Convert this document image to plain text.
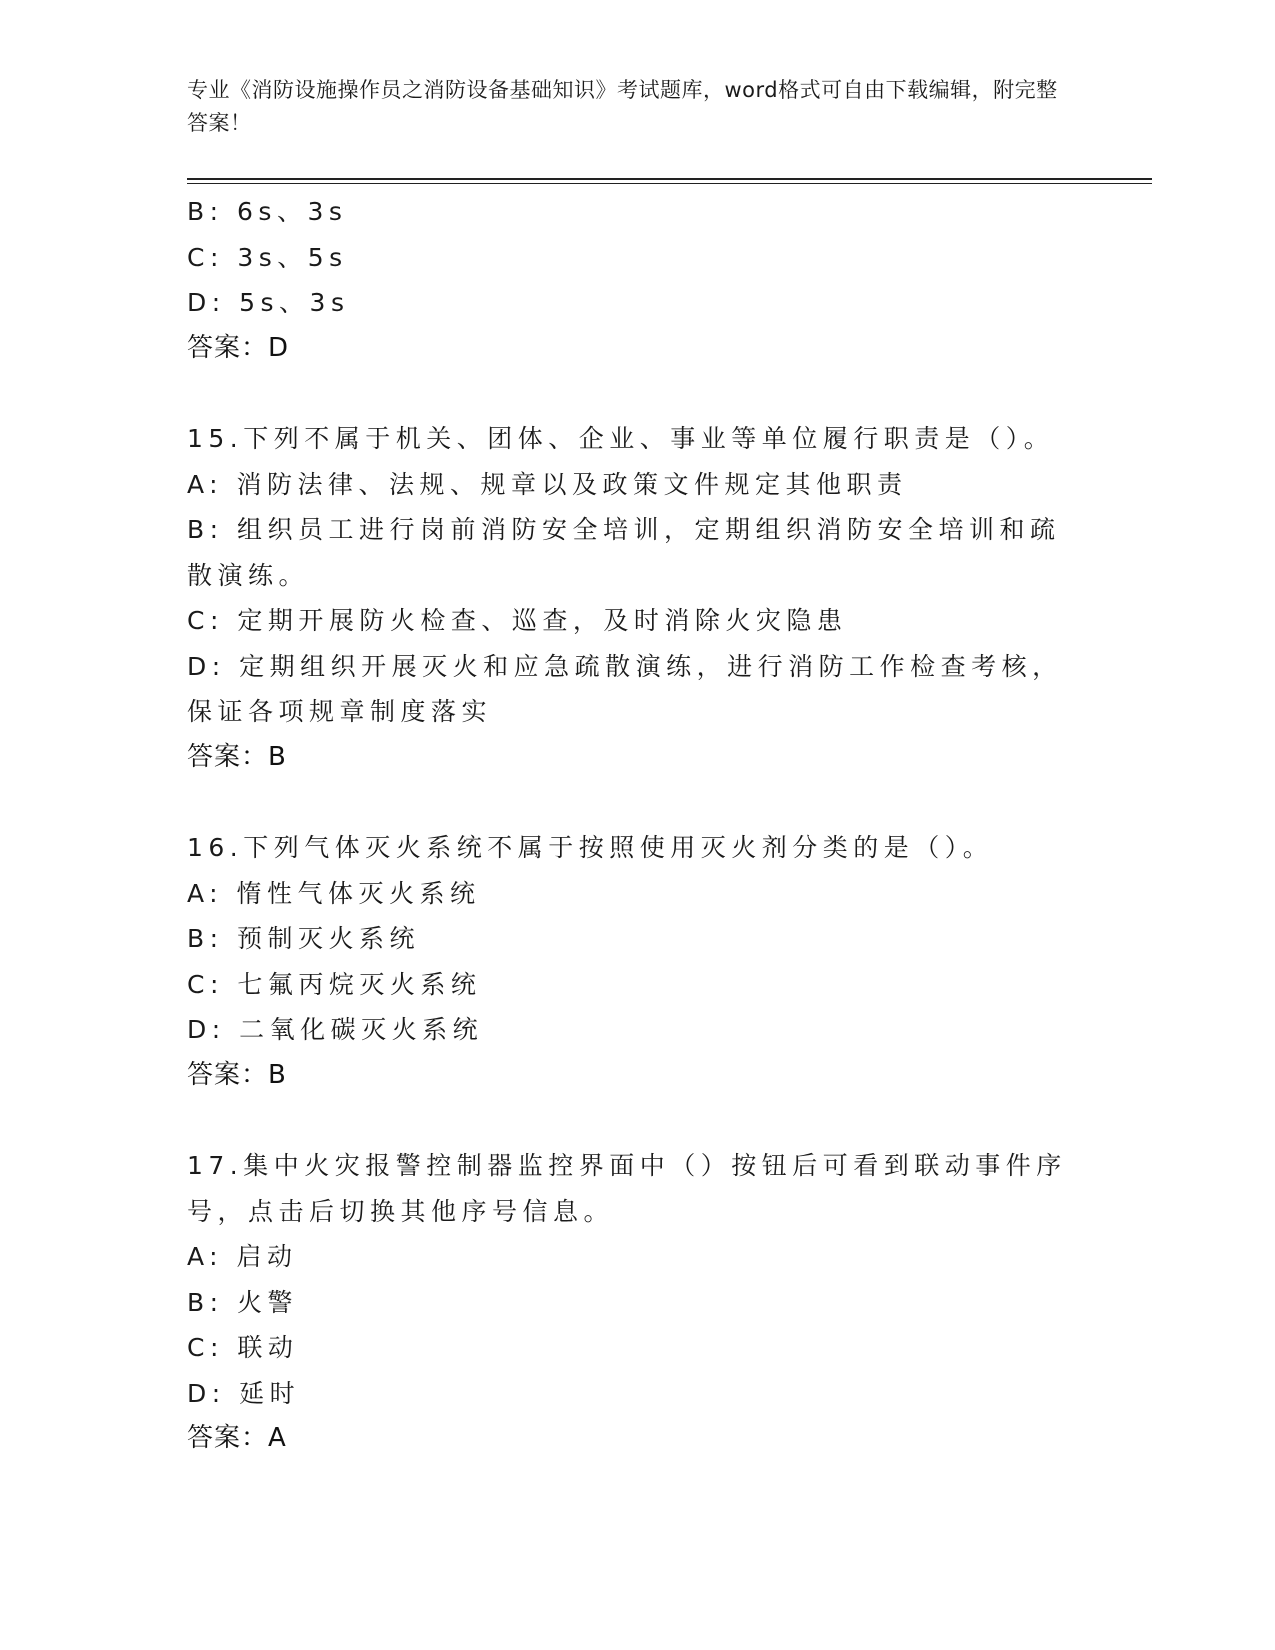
专业《消防设施操作员之消防设备基础知识》考试题库，word格式可自由下载编辑，附完整答案！
B: 6s、3s
C: 3s、5s
D: 5s、3s
答案：D
15.下列不属于机关、团体、企业、事业等单位履行职责是（）。
A: 消防法律、法规、规章以及政策文件规定其他职责
B: 组织员工进行岗前消防安全培训，定期组织消防安全培训和疏散演练。
C: 定期开展防火检查、巡查，及时消除火灾隐患
D: 定期组织开展灭火和应急疏散演练，进行消防工作检查考核，保证各项规章制度落实
答案：B
16.下列气体灭火系统不属于按照使用灭火剂分类的是（）。
A: 惰性气体灭火系统
B: 预制灭火系统
C: 七氟丙烷灭火系统
D: 二氧化碳灭火系统
答案：B
17.集中火灾报警控制器监控界面中（）按钮后可看到联动事件序号，点击后切换其他序号信息。
A: 启动
B: 火警
C: 联动
D: 延时
答案：A
